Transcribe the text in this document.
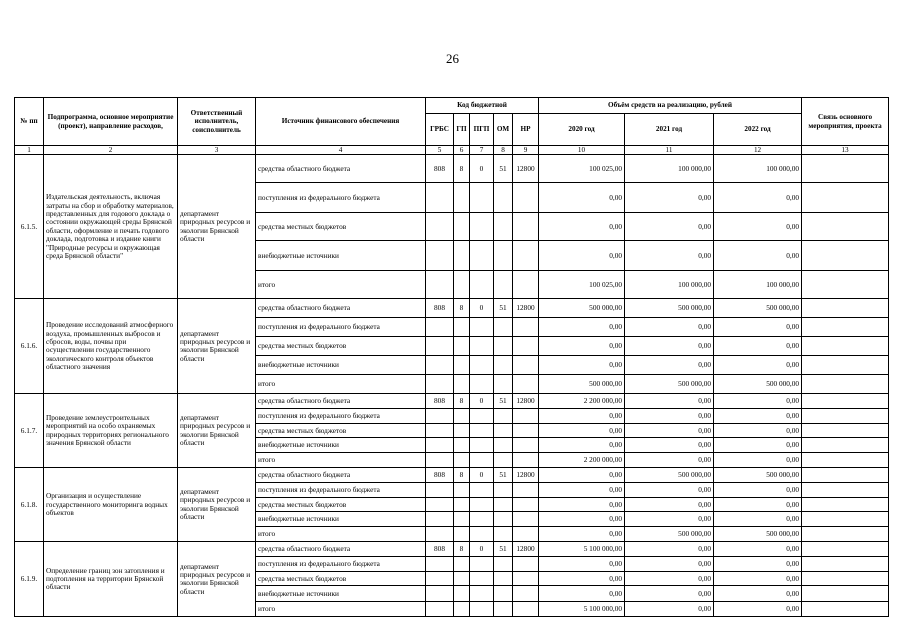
26
№ пп	Подпрограмма, основное мероприятие (проект), направление расходов,	Ответственный исполнитель, соисполнитель	Источник финансового обеспечения	Код бюджетной					Объём средств на реализацию, рублей			Связь основного мероприятия, проекта
				ГРБС	ГП	ПГП	ОМ	НР	2020 год	2021 год	2022 год	
1	2	3	4	5	6	7	8	9	10	11	12	13
6.1.5.	Издательская деятельность, включая затраты на сбор и обработку материалов, представленных для годового доклада о состоянии окружающей среды Брянской области, оформление и печать годового доклада, подготовка и издание книги "Природные ресурсы и окружающая среда Брянской области"	департамент природных ресурсов и экологии Брянской области	средства областного бюджета	808	8	0	51	12800	100 025,00	100 000,00	100 000,00	
			поступления из федерального бюджета						0,00	0,00	0,00	
			средства местных бюджетов						0,00	0,00	0,00	
			внебюджетные источники						0,00	0,00	0,00	
			итого						100 025,00	100 000,00	100 000,00	
6.1.6.	Проведение исследований атмосферного воздуха, промышленных выбросов и сбросов, воды, почвы при осуществлении государственного экологического контроля объектов областного значения	департамент природных ресурсов и экологии Брянской области	средства областного бюджета	808	8	0	51	12800	500 000,00	500 000,00	500 000,00	
			поступления из федерального бюджета						0,00	0,00	0,00	
			средства местных бюджетов						0,00	0,00	0,00	
			внебюджетные источники						0,00	0,00	0,00	
			итого						500 000,00	500 000,00	500 000,00	
6.1.7.	Проведение землеустроительных мероприятий на особо охраняемых природных территориях регионального значения Брянской области	департамент природных ресурсов и экологии Брянской области	средства областного бюджета	808	8	0	51	12800	2 200 000,00	0,00	0,00	
			поступления из федерального бюджета						0,00	0,00	0,00	
			средства местных бюджетов						0,00	0,00	0,00	
			внебюджетные источники						0,00	0,00	0,00	
			итого						2 200 000,00	0,00	0,00	
6.1.8.	Организация и осуществление государственного мониторинга водных объектов	департамент природных ресурсов и экологии Брянской области	средства областного бюджета	808	8	0	51	12800	0,00	500 000,00	500 000,00	
			поступления из федерального бюджета						0,00	0,00	0,00	
			средства местных бюджетов						0,00	0,00	0,00	
			внебюджетные источники						0,00	0,00	0,00	
			итого						0,00	500 000,00	500 000,00	
6.1.9.	Определение границ зон затопления и подтопления на территории Брянской области	департамент природных ресурсов и экологии Брянской области	средства областного бюджета	808	8	0	51	12800	5 100 000,00	0,00	0,00	
			поступления из федерального бюджета						0,00	0,00	0,00	
			средства местных бюджетов						0,00	0,00	0,00	
			внебюджетные источники						0,00	0,00	0,00	
			итого						5 100 000,00	0,00	0,00	
